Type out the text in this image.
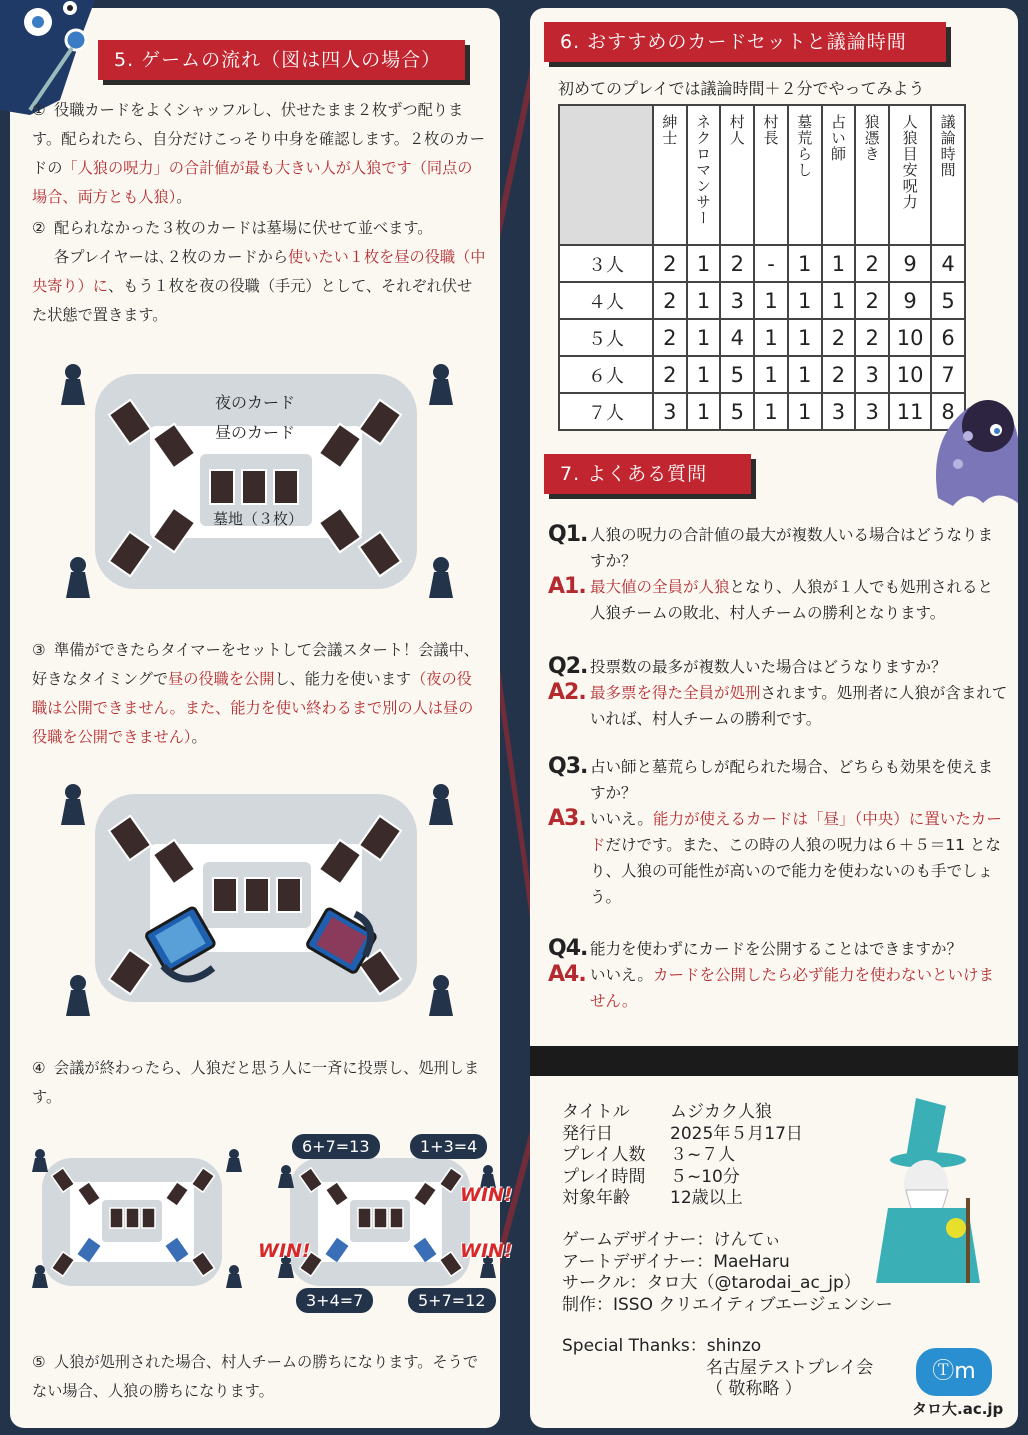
5. ゲームの流れ（図は四人の場合）
① 役職カードをよくシャッフルし、伏せたまま２枚ずつ配ります。配られたら、自分だけこっそり中身を確認します。２枚のカードの「人狼の呪力」の合計値が最も大きい人が人狼です（同点の場合、両方とも人狼）。
② 配られなかった３枚のカードは墓場に伏せて並べます。
各プレイヤーは､２枚のカードから使いたい１枚を昼の役職（中央寄り）に、もう１枚を夜の役職（手元）として、それぞれ伏せた状態で置きます。
夜のカード
昼のカード
墓地（３枚）
③ 準備ができたらタイマーをセットして会議スタート！会議中、好きなタイミングで昼の役職を公開し、能力を使います（夜の役職は公開できません。また、能力を使い終わるまで別の人は昼の役職を公開できません）。
④ 会議が終わったら、人狼だと思う人に一斉に投票し、処刑します。
6+7=13	1+3=4
3+4=7	5+7=12
WIN!
WIN!	WIN!
⑤ 人狼が処刑された場合、村人チームの勝ちになります。そうでない場合、人狼の勝ちになります。
6. おすすめのカードセットと議論時間
初めてのプレイでは議論時間＋２分でやってみよう
	紳士	ネクロマンサー	村人	村長	墓荒らし	占い師	狼憑き	人狼目安呪力	議論時間
３人	2	1	2	-	1	1	2	9	4
４人	2	1	3	1	1	1	2	9	5
５人	2	1	4	1	1	2	2	10	6
６人	2	1	5	1	1	2	3	10	7
７人	3	1	5	1	1	3	3	11	8
7. よくある質問
Q1. 人狼の呪力の合計値の最大が複数人いる場合はどうなりますか？
A1. 最大値の全員が人狼となり、人狼が１人でも処刑されると人狼チームの敗北、村人チームの勝利となります。
Q2. 投票数の最多が複数人いた場合はどうなりますか？
A2. 最多票を得た全員が処刑されます。処刑者に人狼が含まれていれば、村人チームの勝利です。
Q3. 占い師と墓荒らしが配られた場合、どちらも効果を使えますか？
A3. いいえ。能力が使えるカードは「昼」（中央）に置いたカードだけです。また、この時の人狼の呪力は６＋５＝11 となり、人狼の可能性が高いので能力を使わないのも手でしょう。
Q4. 能力を使わずにカードを公開することはできますか？
A4. いいえ。カードを公開したら必ず能力を使わないといけません。
タイトル ムジカク人狼
発行日	2025年５月17日
プレイ人数 ３~７人
プレイ時間 ５~10分
対象年齢 12歳以上
ゲームデザイナー：けんてぃ
アートデザイナー：MaeHaru
サークル：タロ大（@tarodai_ac_jp）
制作：ISSO クリエイティブエージェンシー
Special Thanks：shinzo
名古屋テストプレイ会
（ 敬称略 ）
Ⓣm
タロ大.ac.jp
